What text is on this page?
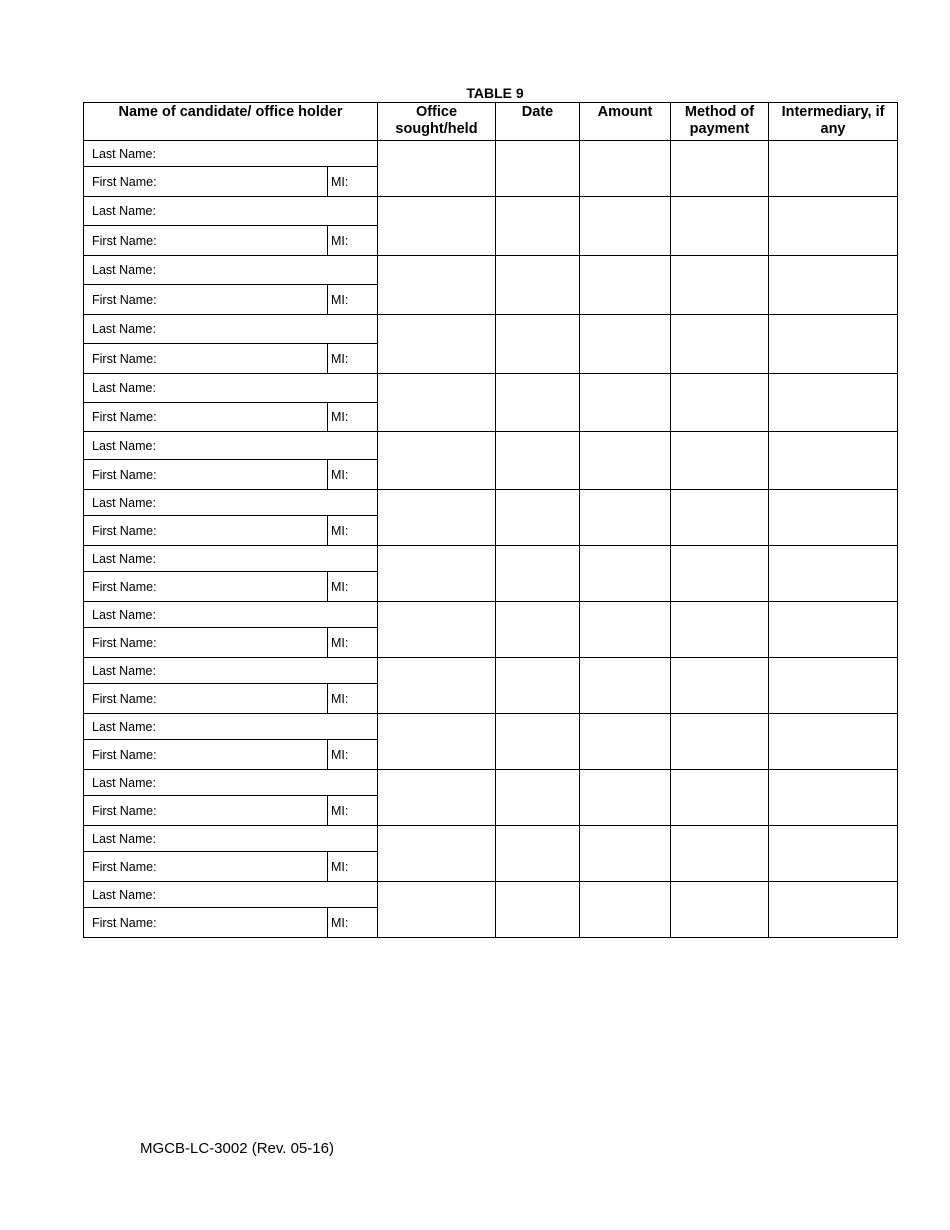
TABLE 9
Name of candidate/ office holder		Office sought/held	Date	Amount	Method of payment	Intermediary, if any
Last Name:						
First Name:	MI:					
Last Name:						
First Name:	MI:					
Last Name:						
First Name:	MI:					
Last Name:						
First Name:	MI:					
Last Name:						
First Name:	MI:					
Last Name:						
First Name:	MI:					
Last Name:						
First Name:	MI:					
Last Name:						
First Name:	MI:					
Last Name:						
First Name:	MI:					
Last Name:						
First Name:	MI:					
Last Name:						
First Name:	MI:					
Last Name:						
First Name:	MI:					
Last Name:						
First Name:	MI:					
Last Name:						
First Name:	MI:					
MGCB-LC-3002 (Rev. 05-16)
